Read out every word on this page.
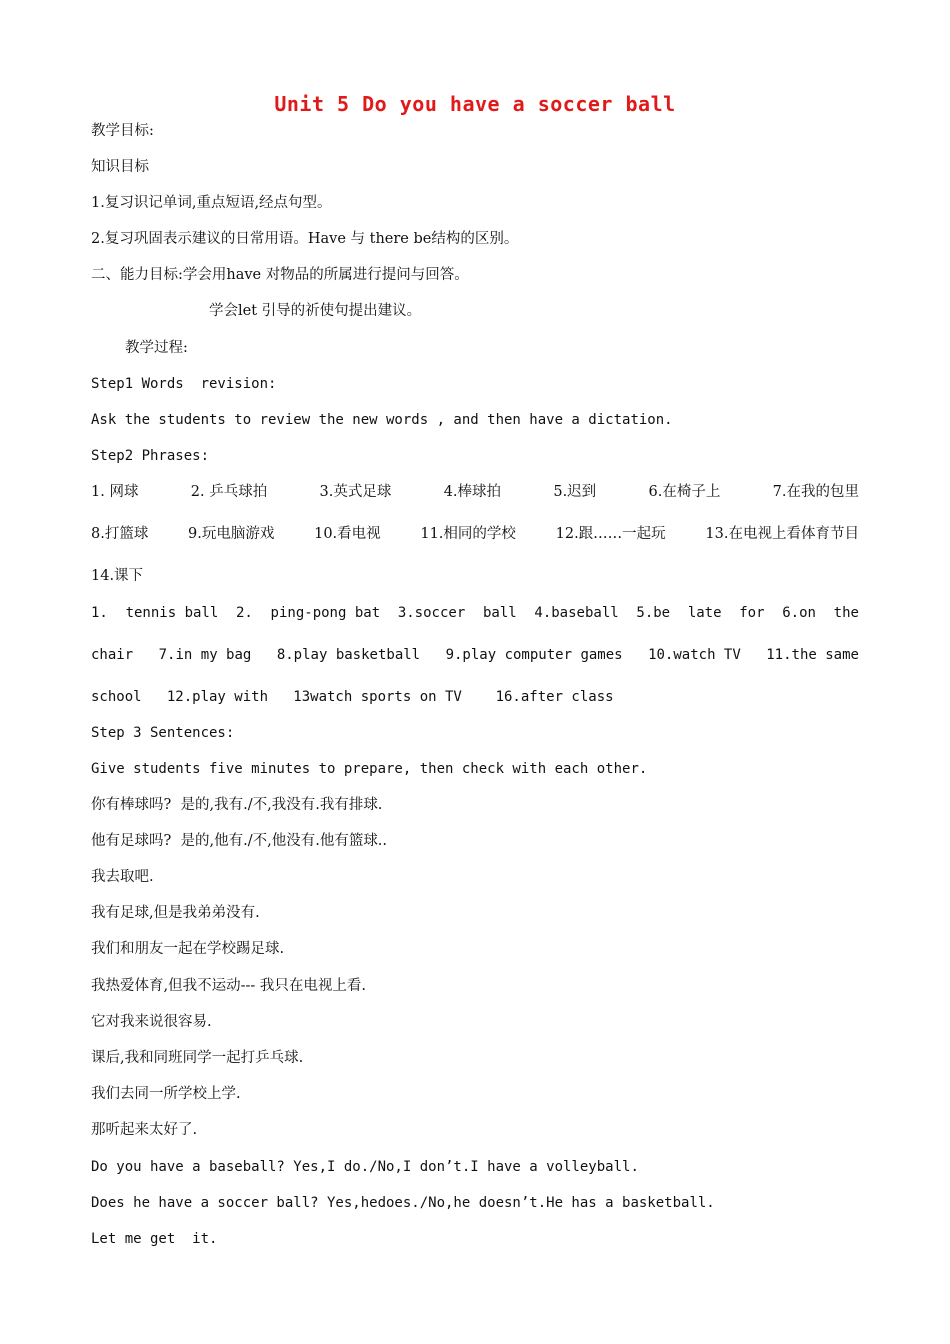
Unit 5 Do you have a soccer ball
教学目标:
知识目标
1.复习识记单词,重点短语,经点句型。
2.复习巩固表示建议的日常用语。Have 与 there be结构的区别。
二、能力目标:学会用have 对物品的所属进行提问与回答。
学会let 引导的祈使句提出建议。
教学过程:
Step1 Words  revision:
Ask the students to review the new words , and then have a dictation.
Step2 Phrases:
1. 网球	2. 乒乓球拍	3.英式足球	4.棒球拍	5.迟到	6.在椅子上	7.在我的包里
8.打篮球	9.玩电脑游戏	10.看电视	11.相同的学校	12.跟……一起玩	13.在电视上看体育节目
14.课下
1. tennis ball 2. ping-pong bat 3.soccer ball 4.baseball 5.be late for 6.on the
chair 7.in my bag 8.play basketball 9.play computer games 10.watch TV 11.the same
school   12.play with   13watch sports on TV    16.after class
Step 3 Sentences:
Give students five minutes to prepare, then check with each other.
你有棒球吗?  是的,我有./不,我没有.我有排球.
他有足球吗?  是的,他有./不,他没有.他有篮球..
我去取吧.
我有足球,但是我弟弟没有.
我们和朋友一起在学校踢足球.
我热爱体育,但我不运动--- 我只在电视上看.
它对我来说很容易.
课后,我和同班同学一起打乒乓球.
我们去同一所学校上学.
那听起来太好了.
Do you have a baseball? Yes,I do./No,I don’t.I have a volleyball.
Does he have a soccer ball? Yes,hedoes./No,he doesn’t.He has a basketball.
Let me get  it.
